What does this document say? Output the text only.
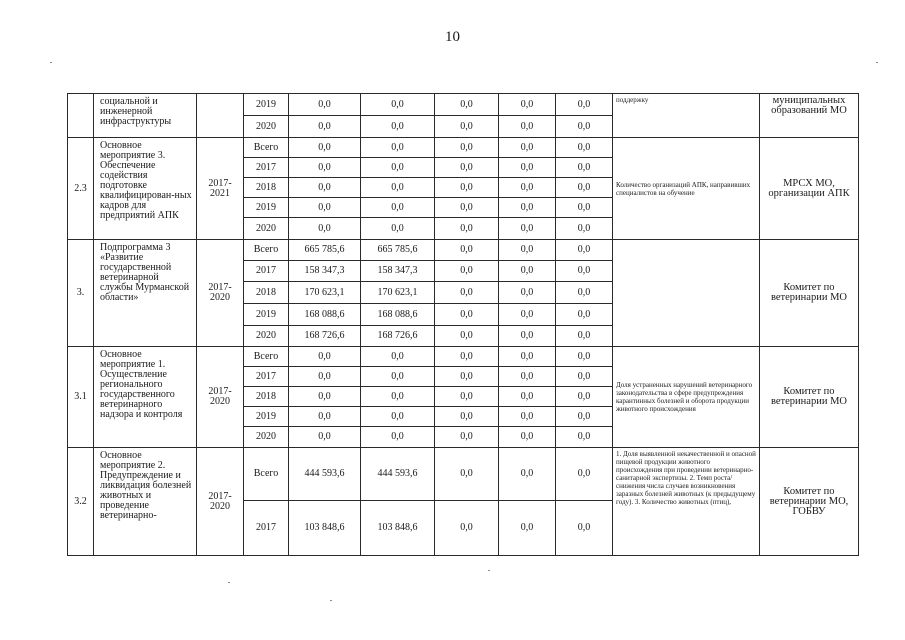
10
	социальной и инженерной инфраструктуры		2019	0,0	0,0	0,0	0,0	0,0	поддержку	муниципальных образований МО
			2020	0,0	0,0	0,0	0,0	0,0		
2.3	Основное мероприятие 3. Обеспечение содействия подготовке квалифицирован-ных кадров для предприятий АПК	2017-2021	Всего	0,0	0,0	0,0	0,0	0,0	Количество организаций АПК, направивших специалистов на обучение	МРСХ МО, организации АПК
			2017	0,0	0,0	0,0	0,0	0,0		
			2018	0,0	0,0	0,0	0,0	0,0		
			2019	0,0	0,0	0,0	0,0	0,0		
			2020	0,0	0,0	0,0	0,0	0,0		
3.	Подпрограмма 3 «Развитие государственной ветеринарной службы Мурманской области»	2017-2020	Всего	665 785,6	665 785,6	0,0	0,0	0,0		Комитет по ветеринарии МО
			2017	158 347,3	158 347,3	0,0	0,0	0,0		
			2018	170 623,1	170 623,1	0,0	0,0	0,0		
			2019	168 088,6	168 088,6	0,0	0,0	0,0		
			2020	168 726,6	168 726,6	0,0	0,0	0,0		
3.1	Основное мероприятие 1. Осуществление регионального государственного ветеринарного надзора и контроля	2017-2020	Всего	0,0	0,0	0,0	0,0	0,0	Доля устраненных нарушений ветеринарного законодательства в сфере предупреждения карантинных болезней и оборота продукции животного происхождения	Комитет по ветеринарии МО
			2017	0,0	0,0	0,0	0,0	0,0		
			2018	0,0	0,0	0,0	0,0	0,0		
			2019	0,0	0,0	0,0	0,0	0,0		
			2020	0,0	0,0	0,0	0,0	0,0		
3.2	Основное мероприятие 2. Предупреждение и ликвидация болезней животных и проведение ветеринарно-	2017-2020	Всего	444 593,6	444 593,6	0,0	0,0	0,0	1. Доля выявленной некачественной и опасной пищевой продукции животного происхождения при проведении ветеринарно-санитарной экспертизы. 2. Темп роста/снижения числа случаев возникновения заразных болезней животных (к предыдущему году). 3. Количество животных (птиц),	Комитет по ветеринарии МО, ГОБВУ
			2017	103 848,6	103 848,6	0,0	0,0	0,0		
